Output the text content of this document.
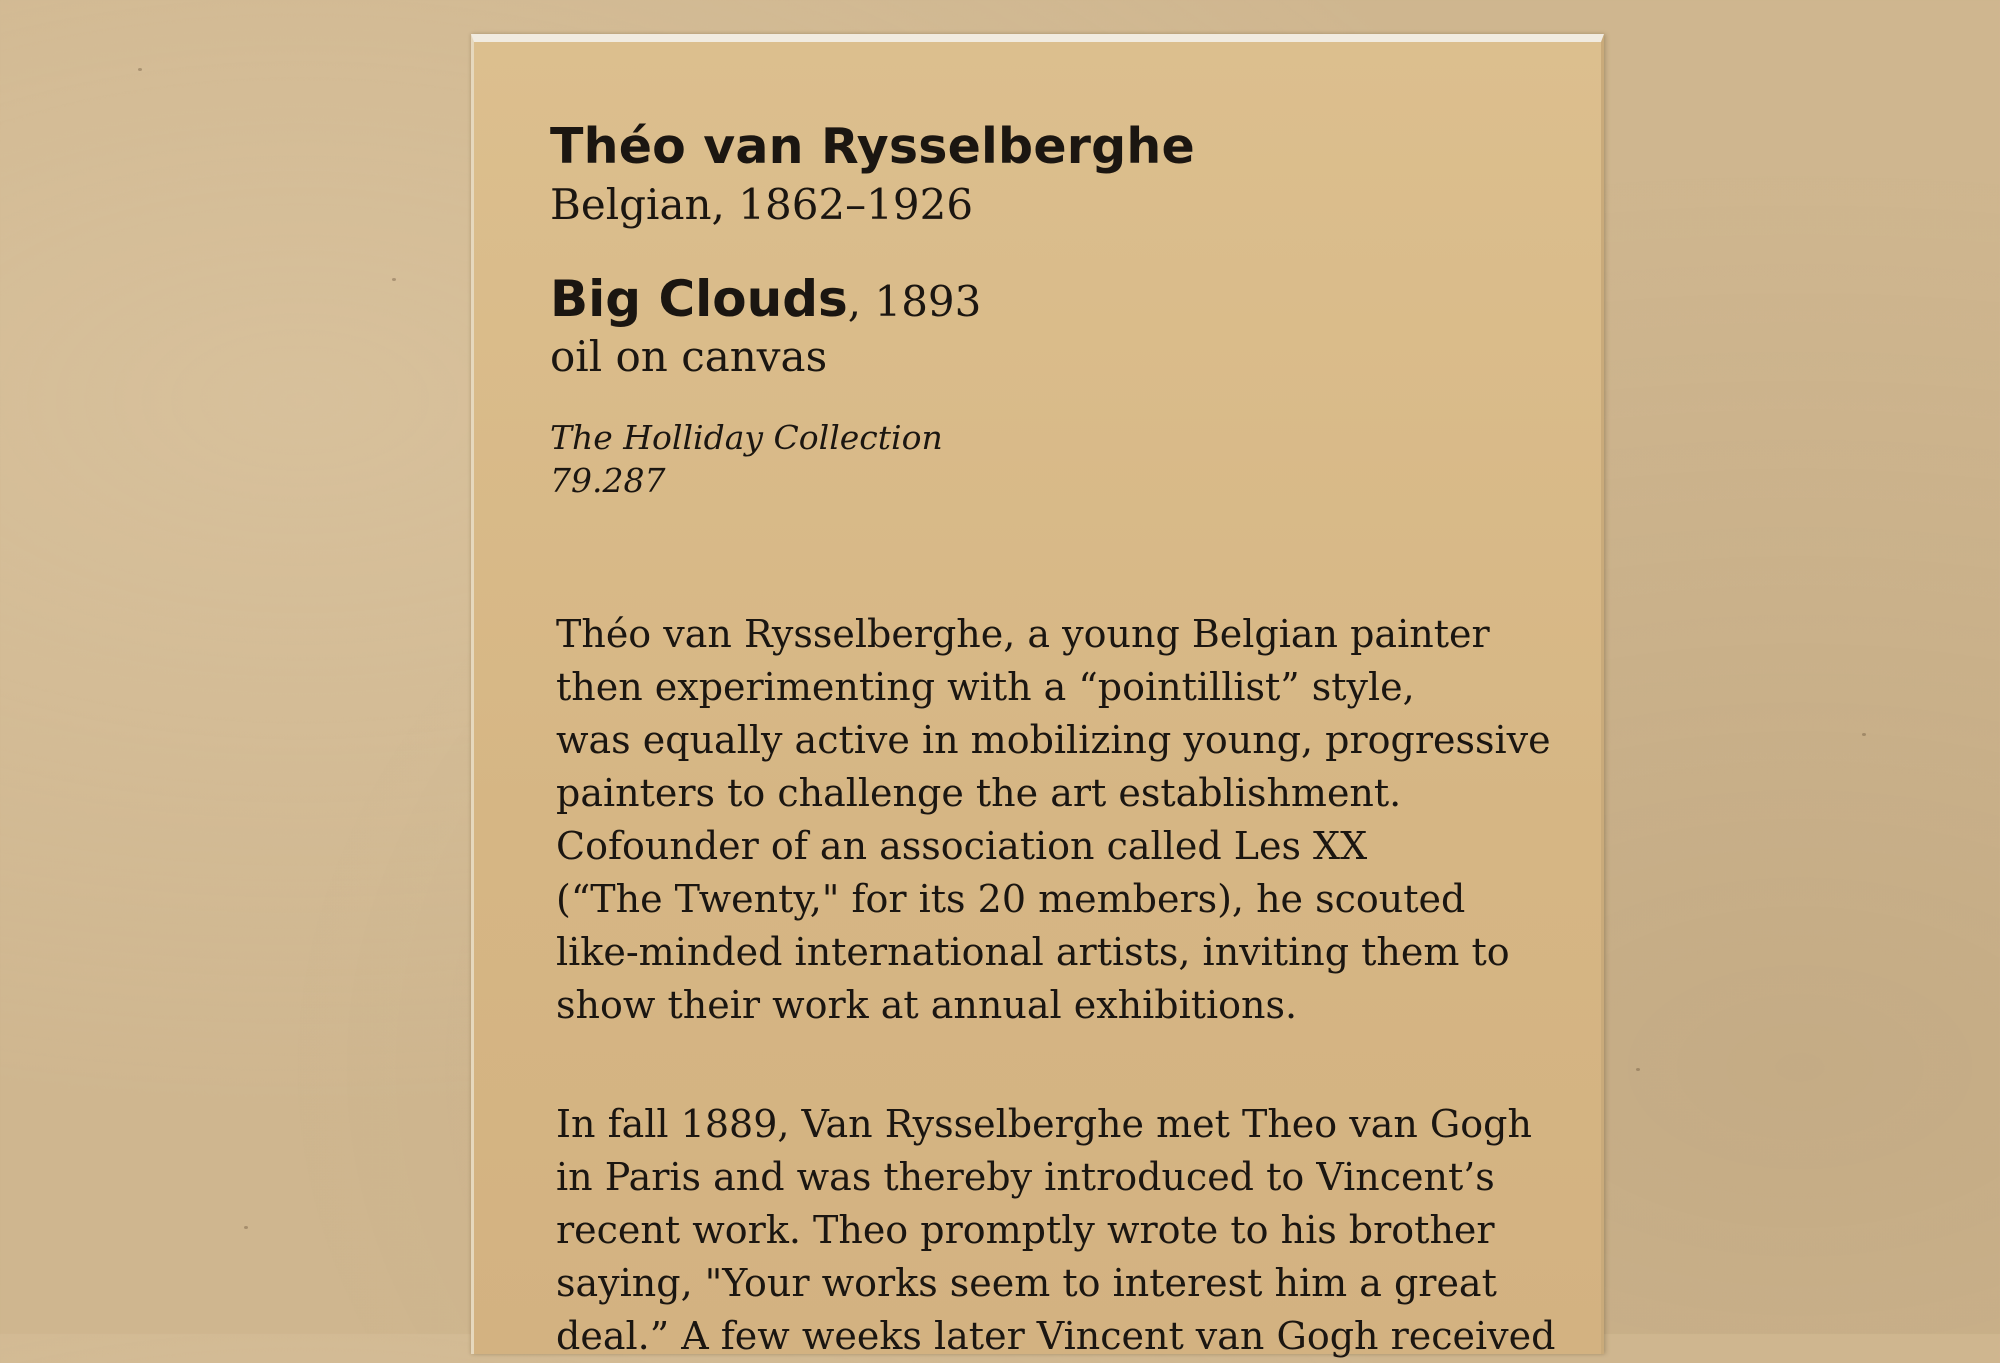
Théo van Rysselberghe
Belgian, 1862–1926
Big Clouds, 1893
oil on canvas
The Holliday Collection
79.287
Théo van Rysselberghe, a young Belgian painter
then experimenting with a “pointillist” style,
was equally active in mobilizing young, progressive
painters to challenge the art establishment.
Cofounder of an association called Les XX
(“The Twenty," for its 20 members), he scouted
like-minded international artists, inviting them to
show their work at annual exhibitions.
In fall 1889, Van Rysselberghe met Theo van Gogh
in Paris and was thereby introduced to Vincent’s
recent work. Theo promptly wrote to his brother
saying, "Your works seem to interest him a great
deal.” A few weeks later Vincent van Gogh received
